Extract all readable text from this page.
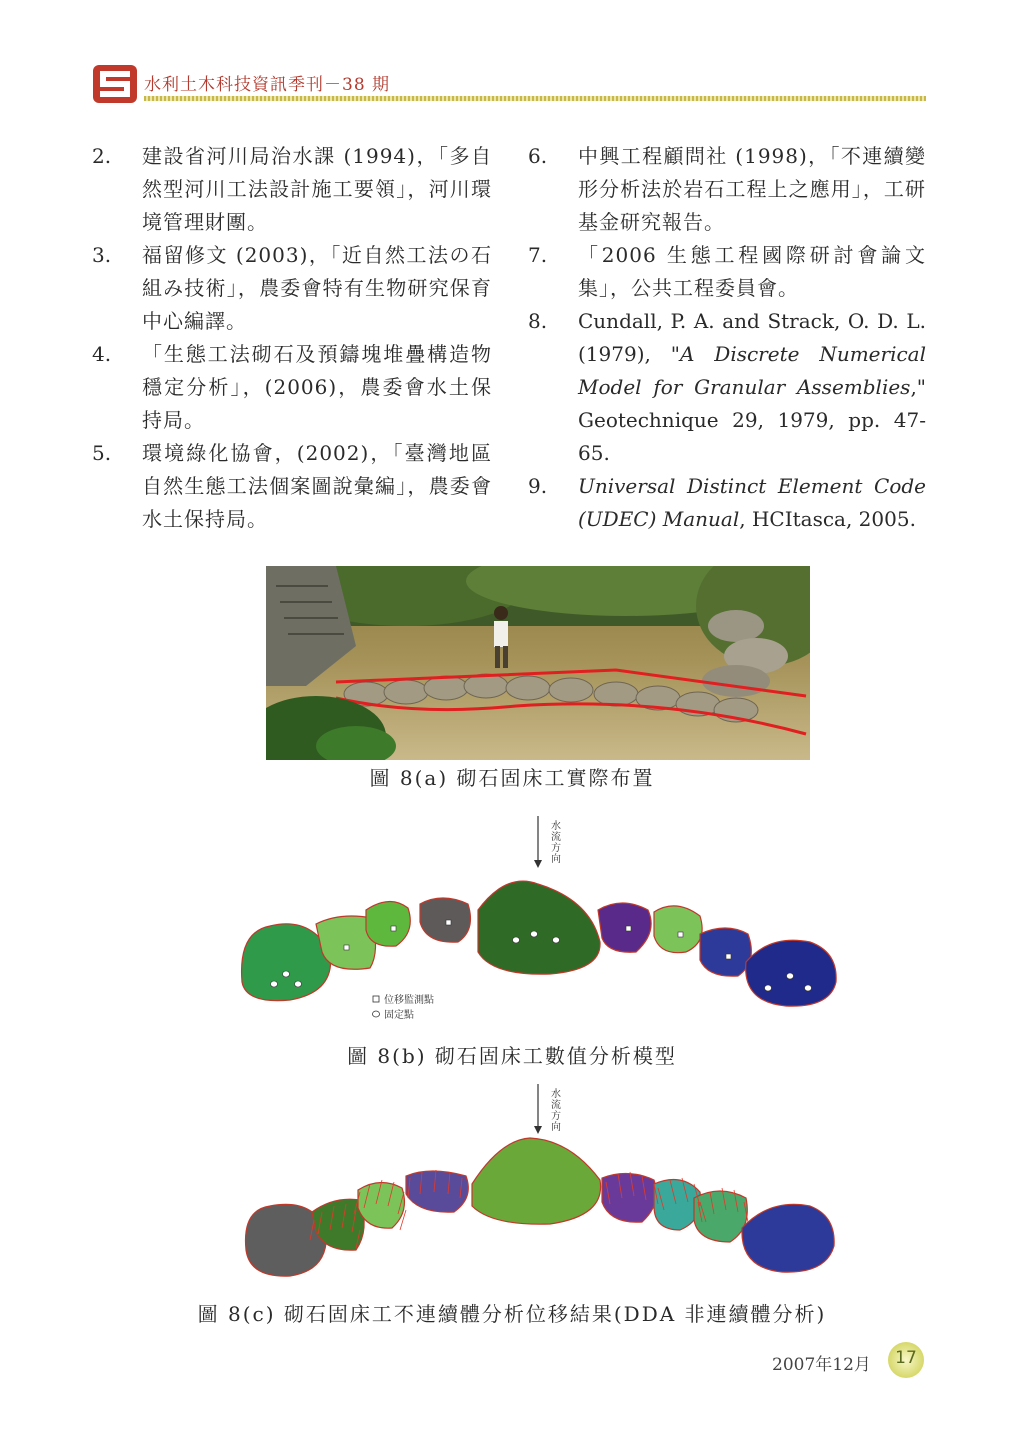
水利土木科技資訊季刊－38 期
2.	建設省河川局治水課 (1994)，「多自然型河川工法設計施工要領」，河川環境管理財團。
3.	福留修文 (2003)，「近自然工法の石組み技術」，農委會特有生物研究保育中心編譯。
4.	「生態工法砌石及預鑄塊堆疊構造物穩定分析」，(2006)，農委會水土保持局。
5.	環境綠化協會，(2002)，「臺灣地區自然生態工法個案圖說彙編」，農委會水土保持局。
6.	中興工程顧問社 (1998)，「不連續變形分析法於岩石工程上之應用」，工研基金研究報告。
7.	「2006 生態工程國際研討會論文集」，公共工程委員會。
8.	Cundall, P. A. and Strack, O. D. L. (1979), "A Discrete Numerical Model for Granular Assemblies," Geotechnique 29, 1979, pp. 47-65.
9.	Universal Distinct Element Code (UDEC) Manual, HCItasca, 2005.
圖 8(a) 砌石固床工實際布置
水流方向
位移監測點
固定點
圖 8(b) 砌石固床工數值分析模型
水流方向
圖 8(c) 砌石固床工不連續體分析位移結果(DDA 非連續體分析)
2007年12月	17
